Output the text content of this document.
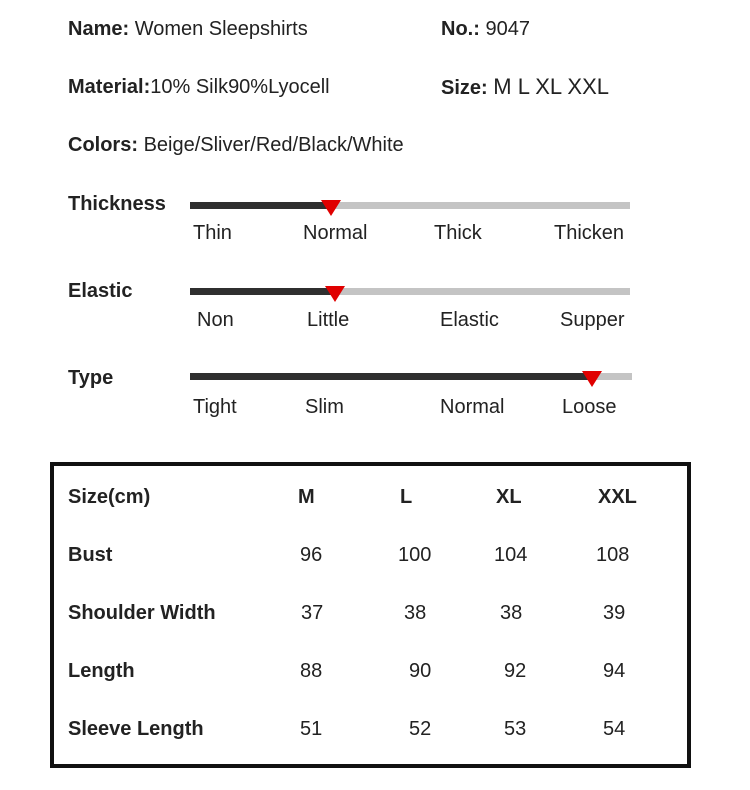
Name: Women Sleepshirts	No.: 9047
Material:10% Silk90%Lyocell	Size: M L XL XXL
Colors: Beige/Sliver/Red/Black/White
Thickness
Thin	Normal	Thick	Thicken
Elastic
Non	Little	Elastic	Supper
Type
Tight	Slim	Normal	Loose
Size(cm)	M	L	XL	XXL
Bust	96	100	104	108
Shoulder Width	37	38	38	39
Length	88	90	92	94
Sleeve Length	51	52	53	54
